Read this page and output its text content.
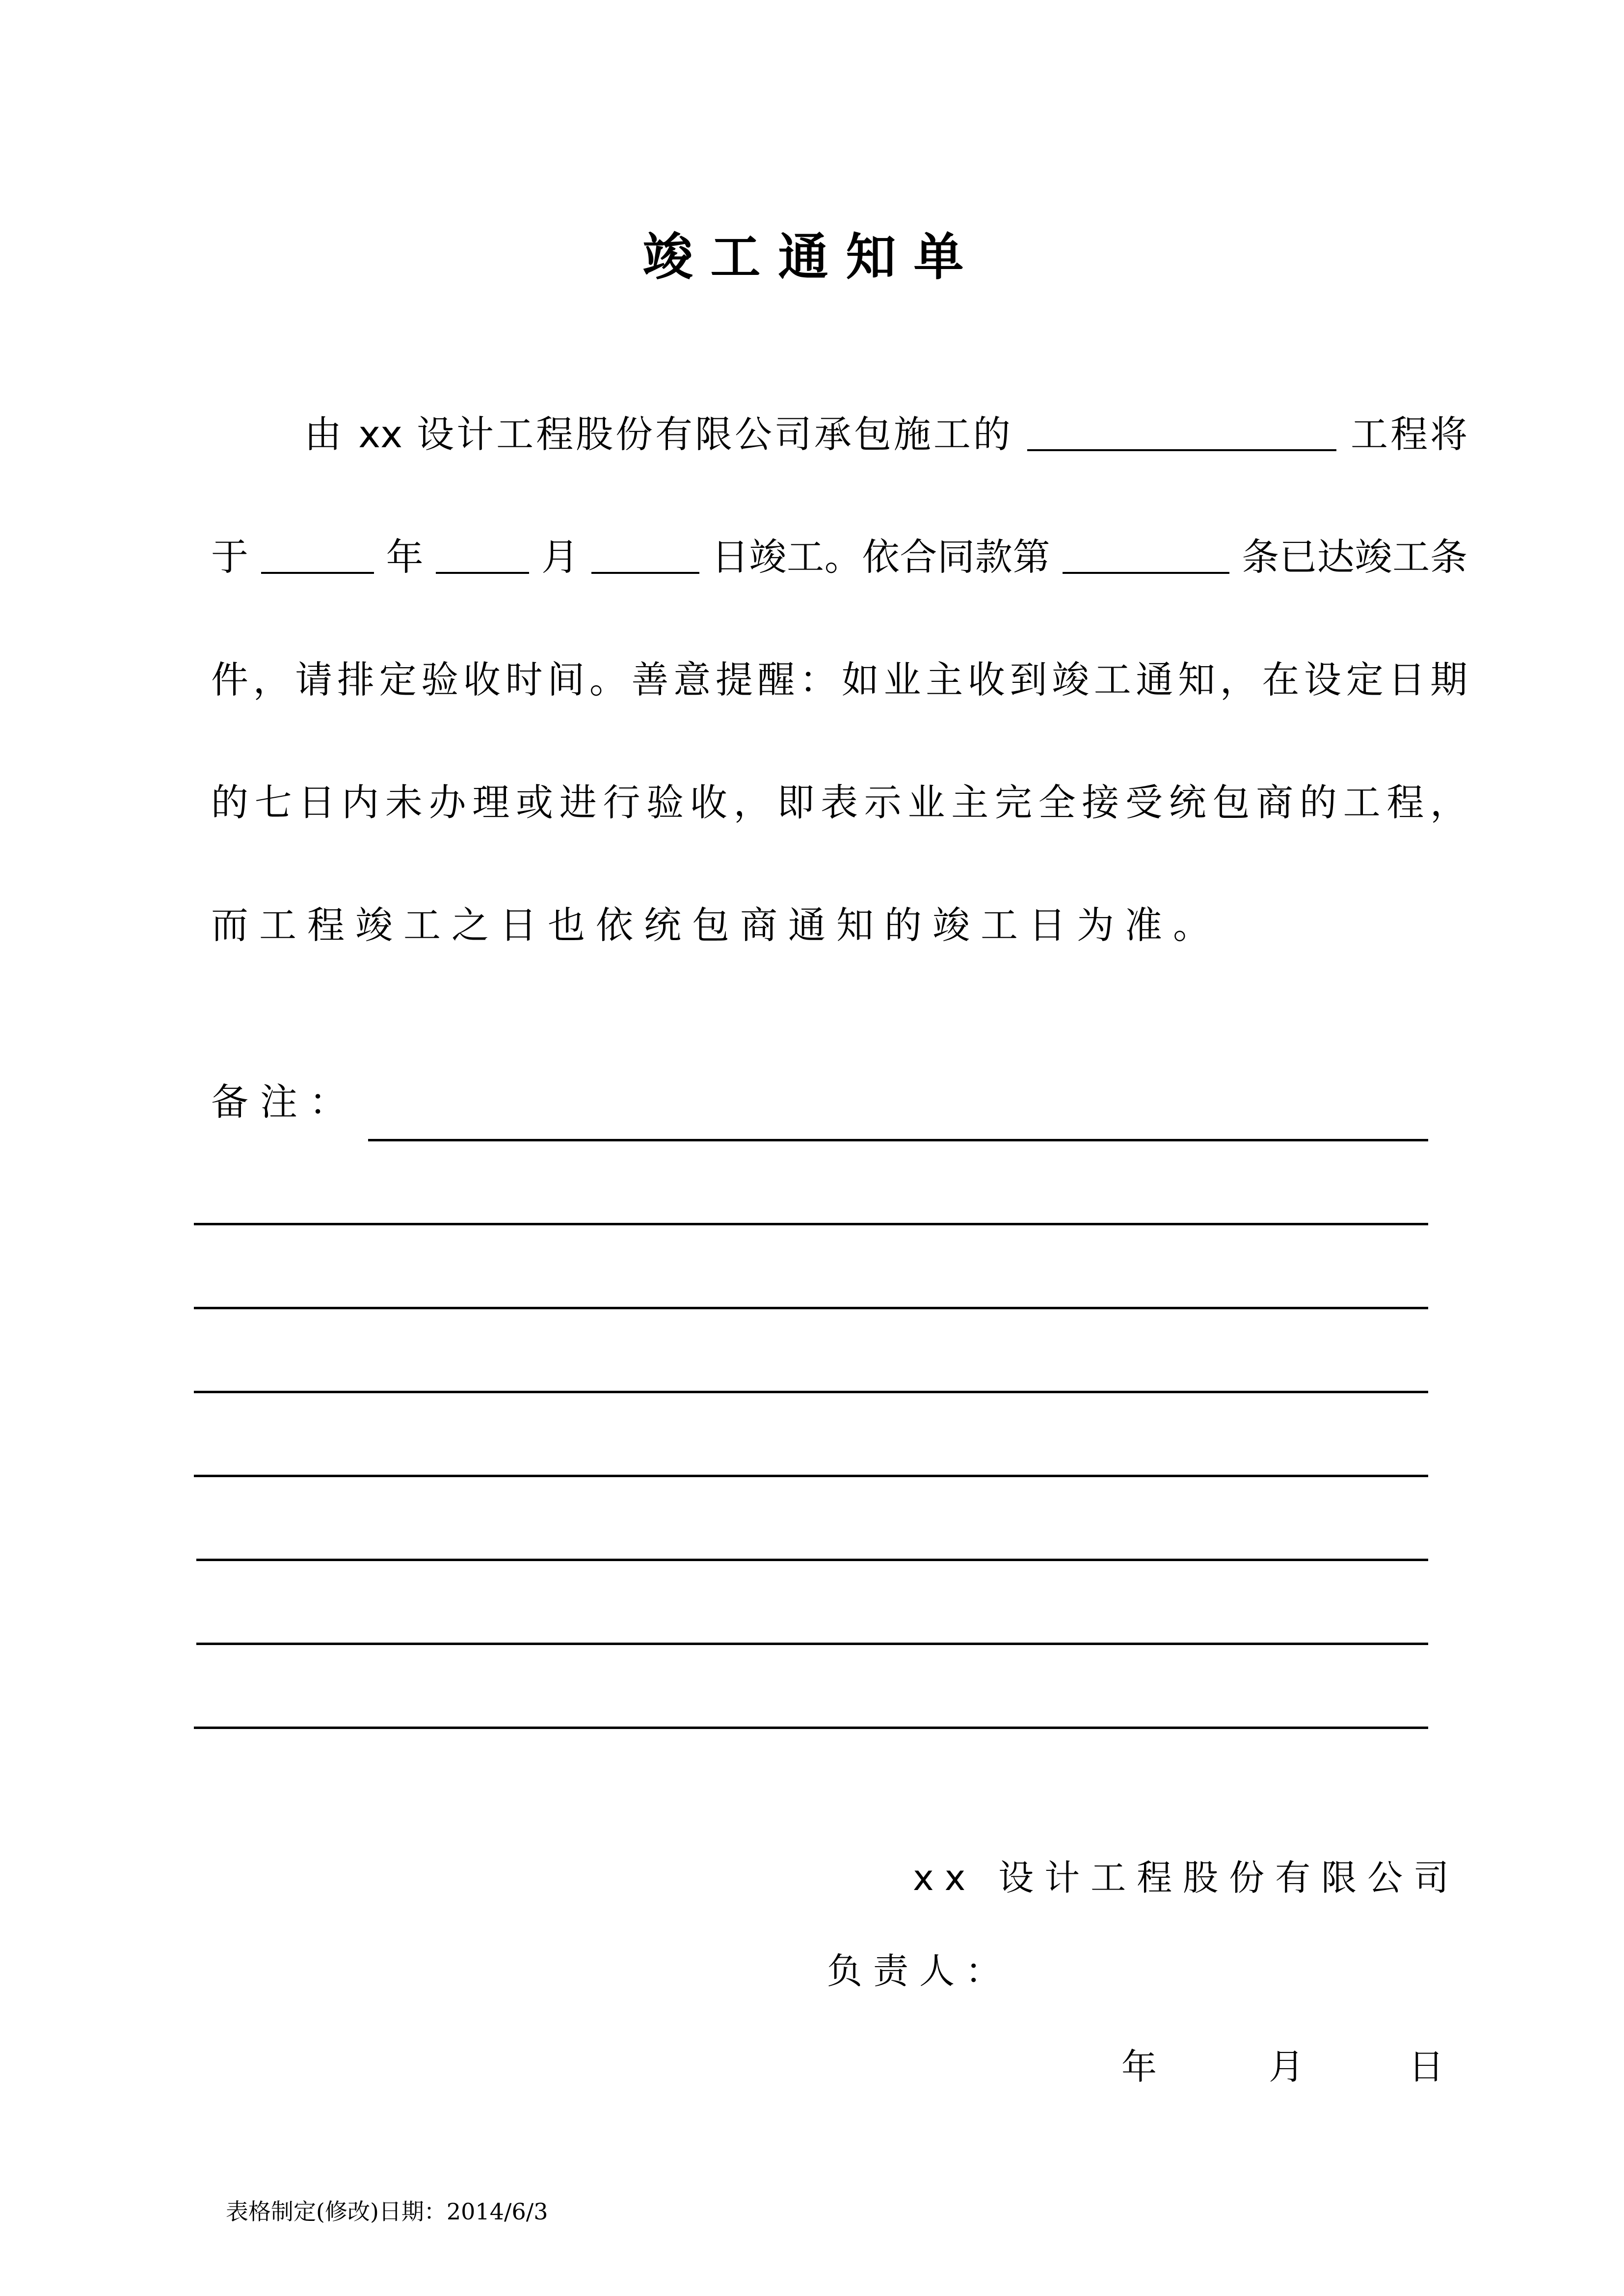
竣工通知单
由 xx 设计工程股份有限公司承包施工的	工程将
于	年	月	日竣工。依合同款第	条已达竣工条
件，请排定验收时间。善意提醒：如业主收到竣工通知，在设定日期
的七日内未办理或进行验收，即表示业主完全接受统包商的工程，
而工程竣工之日也依统包商通知的竣工日为准。
备注：
xx 设计工程股份有限公司
负责人：
年	月	日
表格制定(修改)日期：2014/6/3
